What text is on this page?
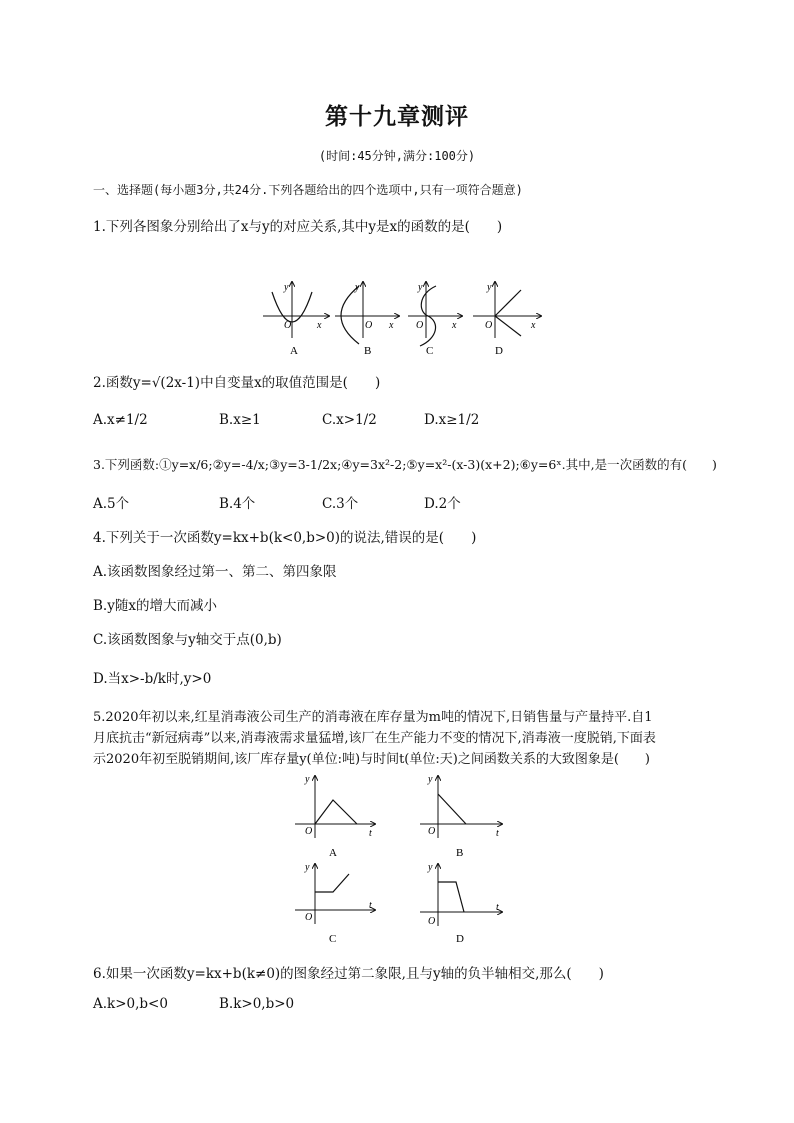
第十九章测评
(时间:45分钟,满分:100分)
一、选择题(每小题3分,共24分.下列各题给出的四个选项中,只有一项符合题意)
1.下列各图象分别给出了x与y的对应关系,其中y是x的函数的是(　　)
y
O	x
A
y
O x
B
y
O	x
C
y
O	x
D
2.函数y=√(2x-1)中自变量x的取值范围是(　　)
A.x≠1/2	B.x≥1	C.x>1/2	D.x≥1/2
3.下列函数:①y=x/6;②y=-4/x;③y=3-1/2x;④y=3x²-2;⑤y=x²-(x-3)(x+2);⑥y=6ˣ.其中,是一次函数的有(　　)
A.5个	B.4个	C.3个	D.2个
4.下列关于一次函数y=kx+b(k<0,b>0)的说法,错误的是(　　)
A.该函数图象经过第一、第二、第四象限
B.y随x的增大而减小
C.该函数图象与y轴交于点(0,b)
D.当x>-b/k时,y>0
5.2020年初以来,红星消毒液公司生产的消毒液在库存量为m吨的情况下,日销售量与产量持平.自1
月底抗击“新冠病毒”以来,消毒液需求量猛增,该厂在生产能力不变的情况下,消毒液一度脱销,下面表
示2020年初至脱销期间,该厂库存量y(单位:吨)与时间t(单位:天)之间函数关系的大致图象是(　　)
y
O	t
A
y
O	t
B
y
O
t
C
y
O
t
D
6.如果一次函数y=kx+b(k≠0)的图象经过第二象限,且与y轴的负半轴相交,那么(　　)
A.k>0,b<0	B.k>0,b>0
